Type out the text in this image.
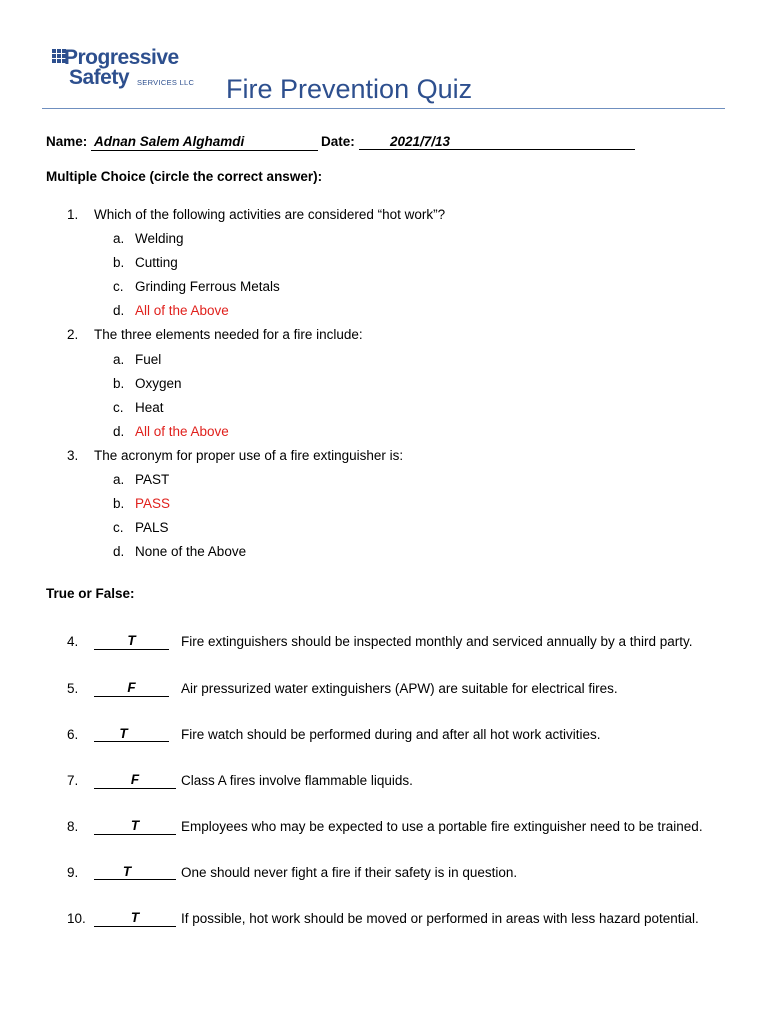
Progressive
Safety SERVICES LLC Fire Prevention Quiz
Name: Adnan Salem Alghamdi	Date:	2021/7/13
Multiple Choice (circle the correct answer):
1. Which of the following activities are considered “hot work”?
a. Welding
b. Cutting
c. Grinding Ferrous Metals
d. All of the Above
2. The three elements needed for a fire include:
a. Fuel
b. Oxygen
c. Heat
d. All of the Above
3. The acronym for proper use of a fire extinguisher is:
a. PAST
b. PASS
c. PALS
d. None of the Above
True or False:
4.	T	Fire extinguishers should be inspected monthly and serviced annually by a third party.
5.	F	Air pressurized water extinguishers (APW) are suitable for electrical fires.
6.	T	Fire watch should be performed during and after all hot work activities.
7.	F	Class A fires involve flammable liquids.
8.	T	Employees who may be expected to use a portable fire extinguisher need to be trained.
9.	T	One should never fight a fire if their safety is in question.
10.	T	If possible, hot work should be moved or performed in areas with less hazard potential.
